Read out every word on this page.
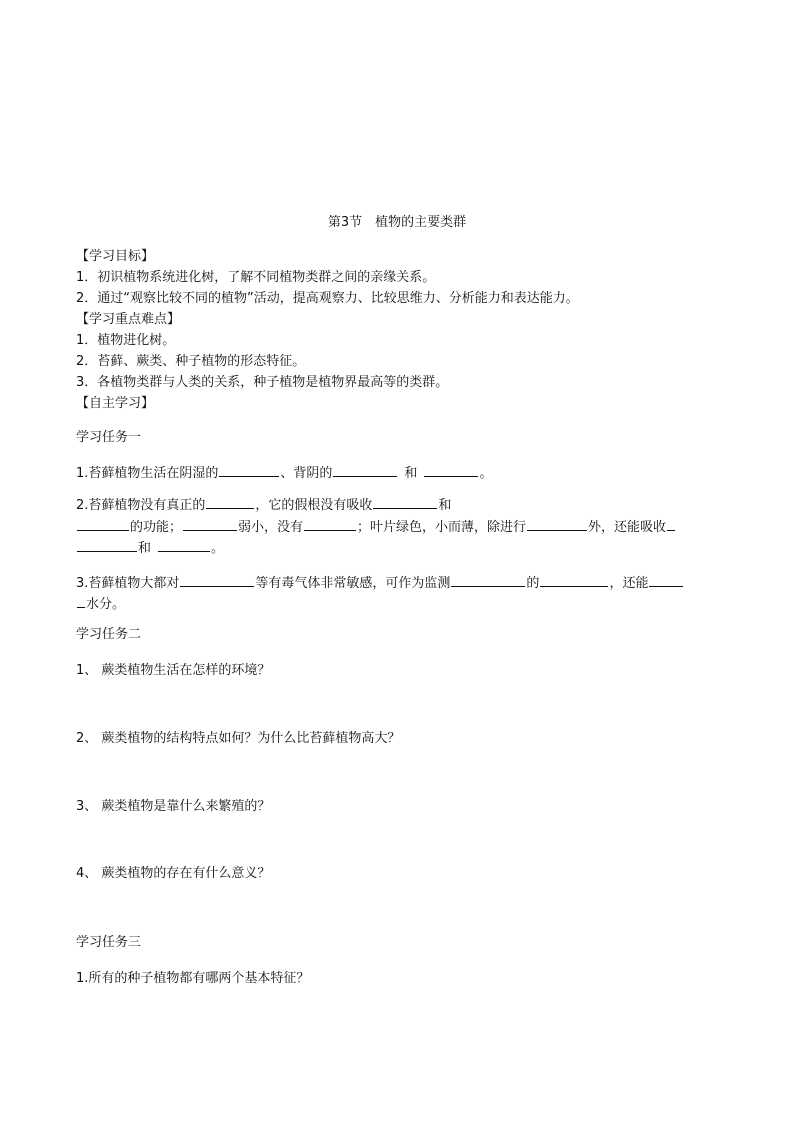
第3节　植物的主要类群
【学习目标】
1．初识植物系统进化树，了解不同植物类群之间的亲缘关系。
2．通过“观察比较不同的植物”活动，提高观察力、比较思维力、分析能力和表达能力。
【学习重点难点】
1．植物进化树。
2．苔藓、蕨类、种子植物的形态特征。
3．各植物类群与人类的关系，种子植物是植物界最高等的类群。
【自主学习】
学习任务一
1.苔藓植物生活在阴湿的	、背阴的	和	。
2.苔藓植物没有真正的	，它的假根没有吸收	和
的功能；	弱小，没有	；叶片绿色，小而薄，除进行	外，还能吸收
和	。
3.苔藓植物大都对	等有毒气体非常敏感，可作为监测	的	，还能
水分。
学习任务二
1、 蕨类植物生活在怎样的环境？
2、 蕨类植物的结构特点如何？为什么比苔藓植物高大？
3、 蕨类植物是靠什么来繁殖的？
4、 蕨类植物的存在有什么意义？
学习任务三
1.所有的种子植物都有哪两个基本特征？
